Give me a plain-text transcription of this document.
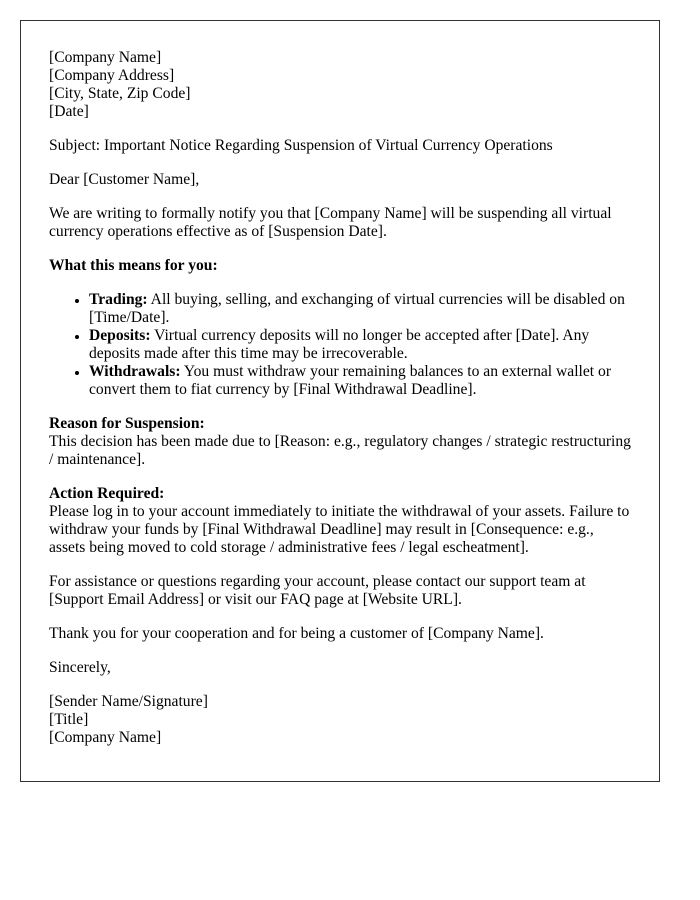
[Company Name]
[Company Address]
[City, State, Zip Code]
[Date]
Subject: Important Notice Regarding Suspension of Virtual Currency Operations
Dear [Customer Name],
We are writing to formally notify you that [Company Name] will be suspending all virtual currency operations effective as of [Suspension Date].
What this means for you:
• Trading: All buying, selling, and exchanging of virtual currencies will be disabled on [Time/Date].
• Deposits: Virtual currency deposits will no longer be accepted after [Date]. Any deposits made after this time may be irrecoverable.
• Withdrawals: You must withdraw your remaining balances to an external wallet or convert them to fiat currency by [Final Withdrawal Deadline].
Reason for Suspension:
This decision has been made due to [Reason: e.g., regulatory changes / strategic restructuring / maintenance].
Action Required:
Please log in to your account immediately to initiate the withdrawal of your assets. Failure to withdraw your funds by [Final Withdrawal Deadline] may result in [Consequence: e.g., assets being moved to cold storage / administrative fees / legal escheatment].
For assistance or questions regarding your account, please contact our support team at [Support Email Address] or visit our FAQ page at [Website URL].
Thank you for your cooperation and for being a customer of [Company Name].
Sincerely,
[Sender Name/Signature]
[Title]
[Company Name]
